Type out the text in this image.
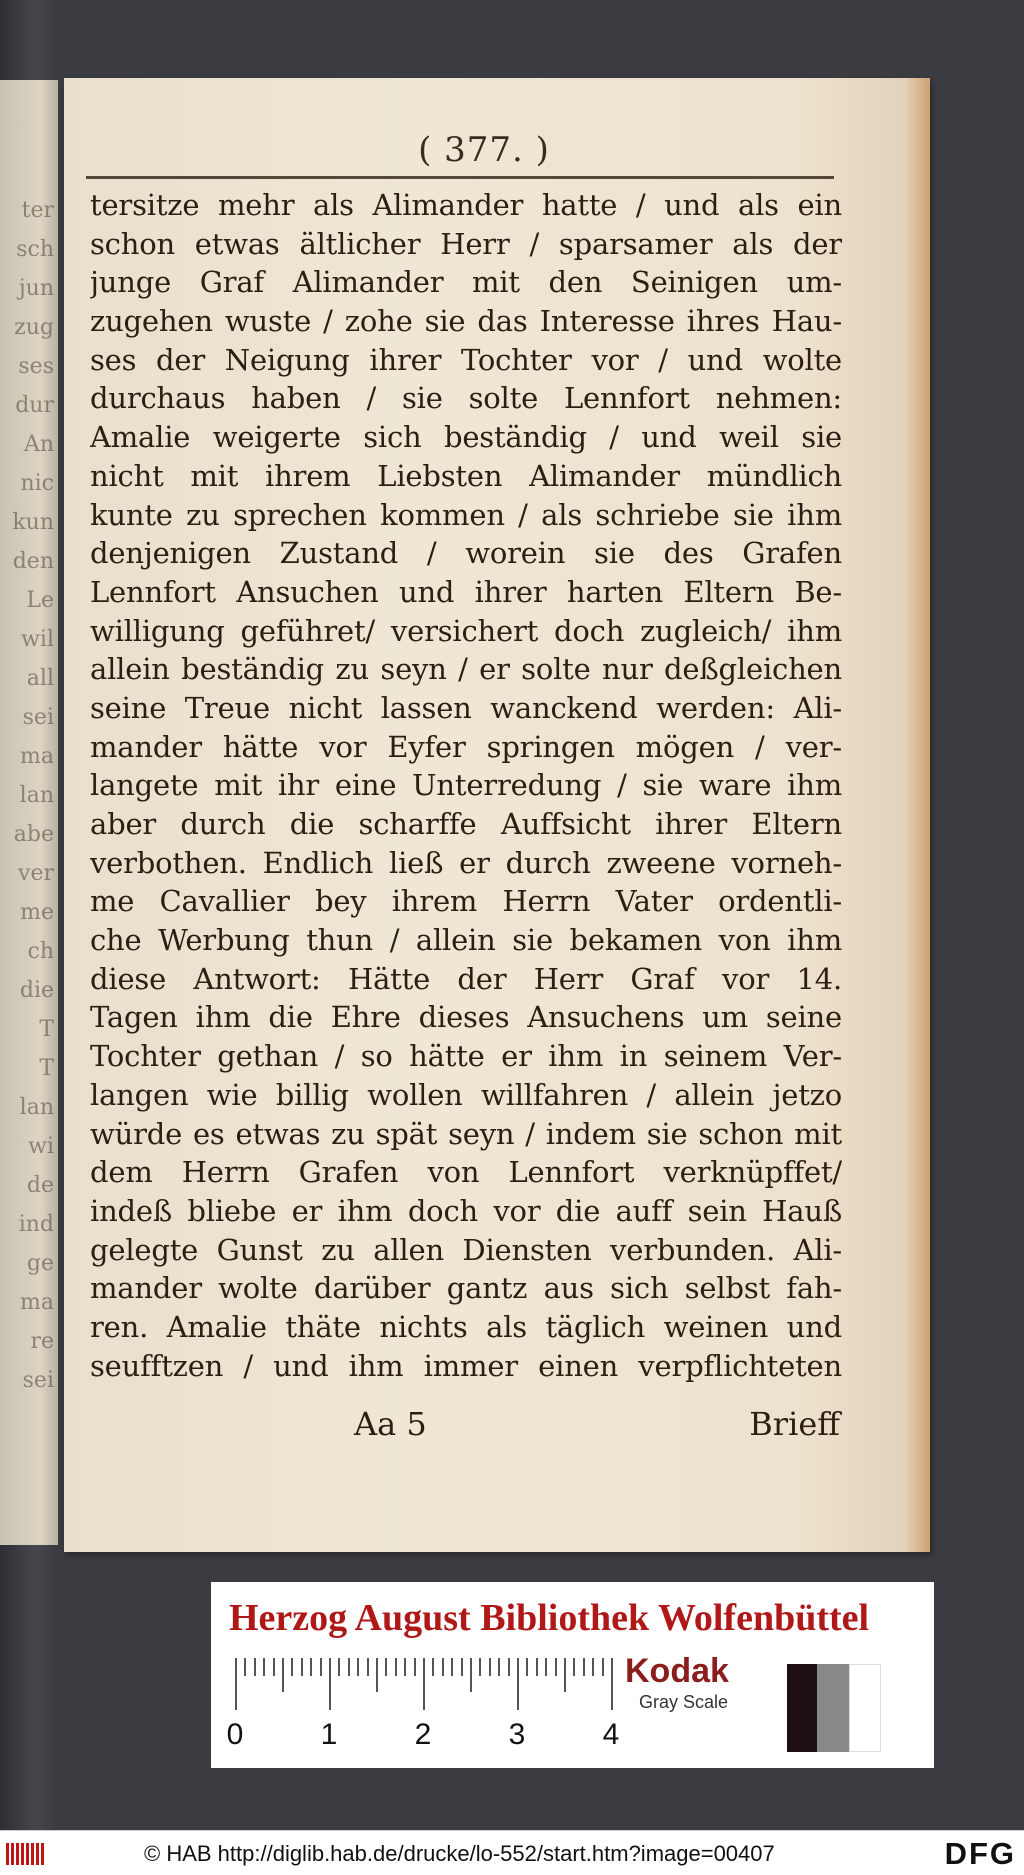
ter
sch
jun
zug
ses
dur
An
nic
kun
den
Le
wil
all
sei
ma
lan
abe
ver
me
ch
die
T
T
lan
wi
de
ind
ge
ma
re
sei
( 377. )
tersitze mehr als Alimander hatte / und als ein
schon etwas ältlicher Herr / sparsamer als der
junge Graf Alimander mit den Seinigen um-
zugehen wuste / zohe sie das Interesse ihres Hau-
ses der Neigung ihrer Tochter vor / und wolte
durchaus haben / sie solte Lennfort nehmen:
Amalie weigerte sich beständig / und weil sie
nicht mit ihrem Liebsten Alimander mündlich
kunte zu sprechen kommen / als schriebe sie ihm
denjenigen Zustand / worein sie des Grafen
Lennfort Ansuchen und ihrer harten Eltern Be-
willigung geführet/ versichert doch zugleich/ ihm
allein beständig zu seyn / er solte nur deßgleichen
seine Treue nicht lassen wanckend werden: Ali-
mander hätte vor Eyfer springen mögen / ver-
langete mit ihr eine Unterredung / sie ware ihm
aber durch die scharffe Auffsicht ihrer Eltern
verbothen. Endlich ließ er durch zweene vorneh-
me Cavallier bey ihrem Herrn Vater ordentli-
che Werbung thun / allein sie bekamen von ihm
diese Antwort: Hätte der Herr Graf vor 14.
Tagen ihm die Ehre dieses Ansuchens um seine
Tochter gethan / so hätte er ihm in seinem Ver-
langen wie billig wollen willfahren / allein jetzo
würde es etwas zu spät seyn / indem sie schon mit
dem Herrn Grafen von Lennfort verknüpffet/
indeß bliebe er ihm doch vor die auff sein Hauß
gelegte Gunst zu allen Diensten verbunden. Ali-
mander wolte darüber gantz aus sich selbst fah-
ren. Amalie thäte nichts als täglich weinen und
seufftzen / und ihm immer einen verpflichteten
Aa 5	Brieff
Herzog August Bibliothek Wolfenbüttel
0	1	2	3	4
Kodak
Gray Scale
© HAB http://diglib.hab.de/drucke/lo-552/start.htm?image=00407	DFG
